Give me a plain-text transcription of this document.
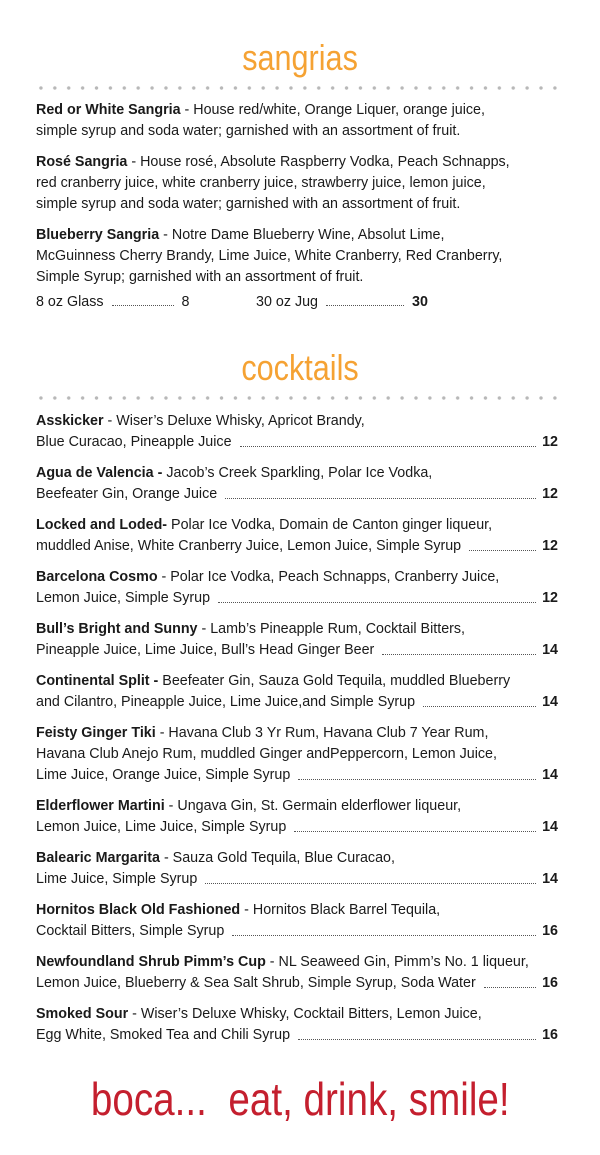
sangrias
Red or White Sangria - House red/white, Orange Liquer, orange juice,
simple syrup and soda water; garnished with an assortment of fruit.
Rosé Sangria - House rosé, Absolute Raspberry Vodka, Peach Schnapps,
red cranberry juice, white cranberry juice, strawberry juice, lemon juice,
simple syrup and soda water; garnished with an assortment of fruit.
Blueberry Sangria - Notre Dame Blueberry Wine, Absolut Lime,
McGuinness Cherry Brandy, Lime Juice, White Cranberry, Red Cranberry,
Simple Syrup; garnished with an assortment of fruit.
8 oz Glass	8	30 oz Jug	30
cocktails
Asskicker - Wiser’s Deluxe Whisky, Apricot Brandy,
Blue Curacao, Pineapple Juice	12
Agua de Valencia - Jacob’s Creek Sparkling, Polar Ice Vodka,
Beefeater Gin, Orange Juice	12
Locked and Loded- Polar Ice Vodka, Domain de Canton ginger liqueur,
muddled Anise, White Cranberry Juice, Lemon Juice, Simple Syrup	12
Barcelona Cosmo - Polar Ice Vodka, Peach Schnapps, Cranberry Juice,
Lemon Juice, Simple Syrup	12
Bull’s Bright and Sunny - Lamb’s Pineapple Rum, Cocktail Bitters,
Pineapple Juice, Lime Juice, Bull’s Head Ginger Beer	14
Continental Split - Beefeater Gin, Sauza Gold Tequila, muddled Blueberry
and Cilantro, Pineapple Juice, Lime Juice,and Simple Syrup	14
Feisty Ginger Tiki - Havana Club 3 Yr Rum, Havana Club 7 Year Rum,
Havana Club Anejo Rum, muddled Ginger andPeppercorn, Lemon Juice,
Lime Juice, Orange Juice, Simple Syrup	14
Elderflower Martini - Ungava Gin, St. Germain elderflower liqueur,
Lemon Juice, Lime Juice, Simple Syrup	14
Balearic Margarita - Sauza Gold Tequila, Blue Curacao,
Lime Juice, Simple Syrup	14
Hornitos Black Old Fashioned - Hornitos Black Barrel Tequila,
Cocktail Bitters, Simple Syrup	16
Newfoundland Shrub Pimm’s Cup - NL Seaweed Gin, Pimm’s No. 1 liqueur,
Lemon Juice, Blueberry & Sea Salt Shrub, Simple Syrup, Soda Water	16
Smoked Sour - Wiser’s Deluxe Whisky, Cocktail Bitters, Lemon Juice,
Egg White, Smoked Tea and Chili Syrup	16
boca...  eat, drink, smile!
